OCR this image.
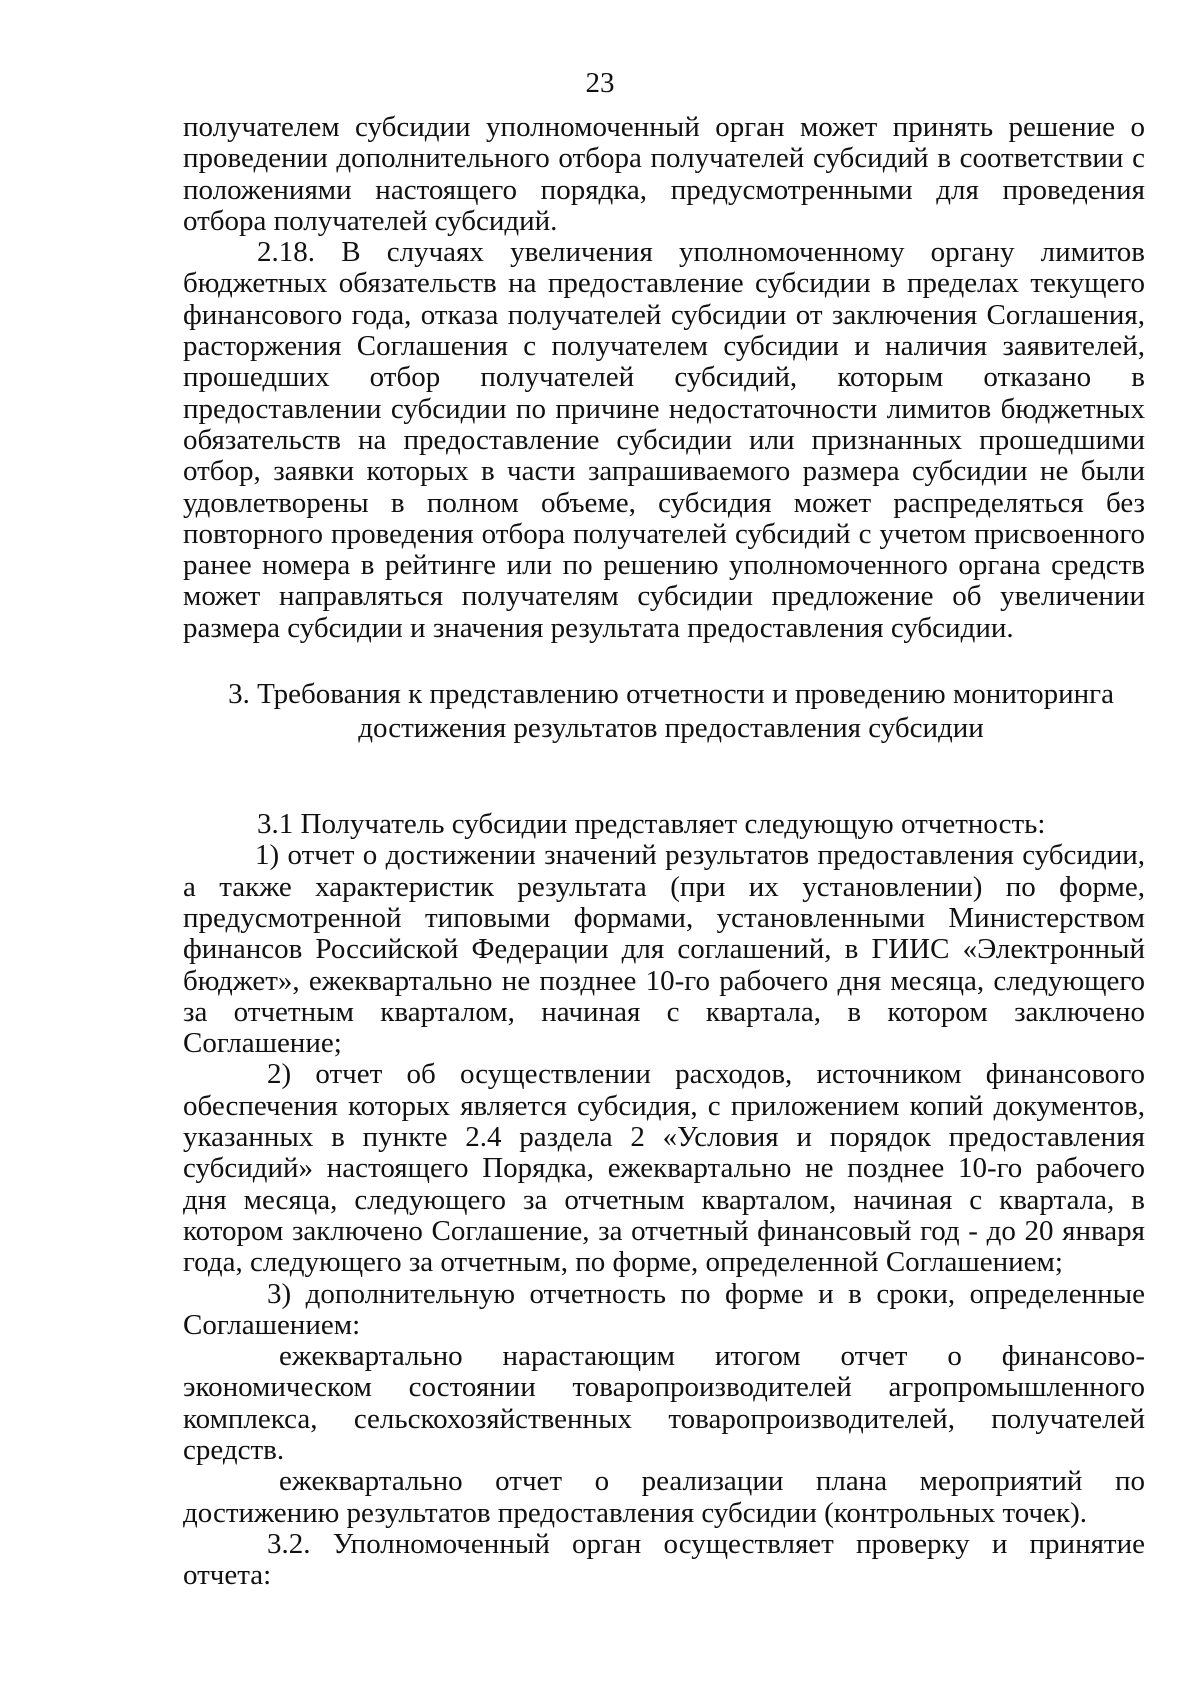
23

получателем субсидии уполномоченный орган может принять решение о проведении дополнительного отбора получателей субсидий в соответствии с положениями настоящего порядка, предусмотренными для проведения отбора получателей субсидий.

2.18. В случаях увеличения уполномоченному органу лимитов бюджетных обязательств на предоставление субсидии в пределах текущего финансового года, отказа получателей субсидии от заключения Соглашения, расторжения Соглашения с получателем субсидии и наличия заявителей, прошедших отбор получателей субсидий, которым отказано в предоставлении субсидии по причине недостаточности лимитов бюджетных обязательств на предоставление субсидии или признанных прошедшими отбор, заявки которых в части запрашиваемого размера субсидии не были удовлетворены в полном объеме, субсидия может распределяться без повторного проведения отбора получателей субсидий с учетом присвоенного ранее номера в рейтинге или по решению уполномоченного органа средств может направляться получателям субсидии предложение об увеличении размера субсидии и значения результата предоставления субсидии.

3. Требования к представлению отчетности и проведению мониторинга

достижения результатов предоставления субсидии

3.1 Получатель субсидии представляет следующую отчетность:

1) отчет о достижении значений результатов предоставления субсидии, а также характеристик результата (при их установлении) по форме, предусмотренной типовыми формами, установленными Министерством финансов Российской Федерации для соглашений, в ГИИС «Электронный бюджет», ежеквартально не позднее 10-го рабочего дня месяца, следующего за отчетным кварталом, начиная с квартала, в котором заключено Соглашение;

2) отчет об осуществлении расходов, источником финансового обеспечения которых является субсидия, с приложением копий документов, указанных в пункте 2.4 раздела 2 «Условия и порядок предоставления субсидий» настоящего Порядка, ежеквартально не позднее 10-го рабочего дня месяца, следующего за отчетным кварталом, начиная с квартала, в котором заключено Соглашение, за отчетный финансовый год - до 20 января года, следующего за отчетным, по форме, определенной Соглашением;

3) дополнительную отчетность по форме и в сроки, определенные Соглашением:

ежеквартально нарастающим итогом отчет о финансово-экономическом состоянии товаропроизводителей агропромышленного комплекса, сельскохозяйственных товаропроизводителей, получателей средств.

ежеквартально отчет о реализации плана мероприятий по достижению результатов предоставления субсидии (контрольных точек).

3.2. Уполномоченный орган осуществляет проверку и принятие отчета:
